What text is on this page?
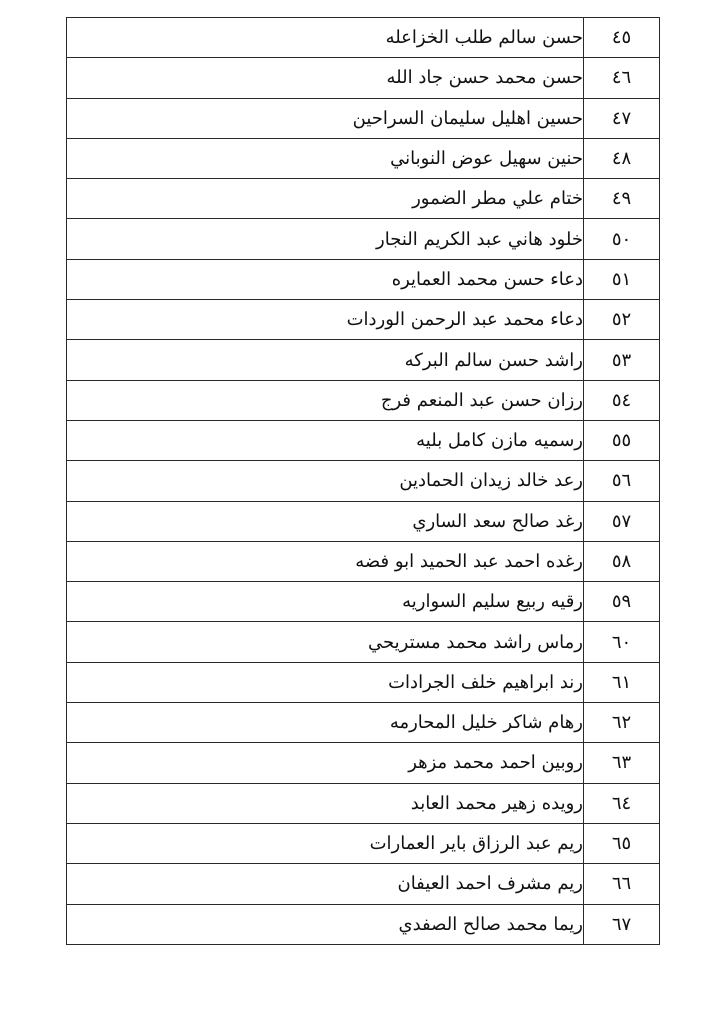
حسن سالم طلب الخزاعله	٤٥
حسن محمد حسن جاد الله	٤٦
حسين اهليل سليمان السراحين	٤٧
حنين سهيل عوض النوباني	٤٨
ختام علي مطر الضمور	٤٩
خلود هاني عبد الكريم النجار	٥٠
دعاء حسن محمد العمايره	٥١
دعاء محمد عبد الرحمن الوردات	٥٢
راشد حسن سالم البركه	٥٣
رزان حسن عبد المنعم فرج	٥٤
رسميه مازن كامل بليه	٥٥
رعد خالد زيدان الحمادين	٥٦
رغد صالح سعد الساري	٥٧
رغده احمد عبد الحميد ابو فضه	٥٨
رقيه ربيع سليم السواريه	٥٩
رماس راشد محمد مستريحي	٦٠
رند ابراهيم خلف الجرادات	٦١
رهام شاكر خليل المحارمه	٦٢
روبين احمد محمد مزهر	٦٣
رويده زهير محمد العابد	٦٤
ريم عبد الرزاق باير العمارات	٦٥
ريم مشرف احمد العيفان	٦٦
ريما محمد صالح الصفدي	٦٧
